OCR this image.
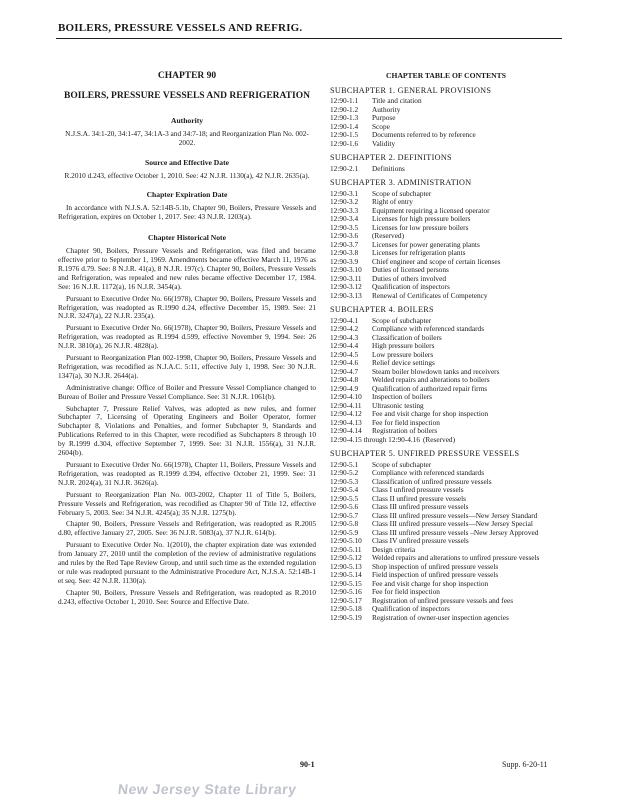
BOILERS, PRESSURE VESSELS AND REFRIG.
CHAPTER 90
BOILERS, PRESSURE VESSELS AND REFRIGERATION
Authority
N.J.S.A. 34:1-20, 34:1-47, 34:1A-3 and 34:7-18; and Reorganization Plan No. 002-2002.
Source and Effective Date
R.2010 d.243, effective October 1, 2010. See: 42 N.J.R. 1130(a), 42 N.J.R. 2635(a).
Chapter Expiration Date
In accordance with N.J.S.A. 52:14B-5.1b, Chapter 90, Boilers, Pressure Vessels and Refrigeration, expires on October 1, 2017. See: 43 N.J.R. 1203(a).
Chapter Historical Note
Chapter 90, Boilers, Pressure Vessels and Refrigeration, was filed and became effective prior to September 1, 1969. Amendments became effective March 11, 1976 as R.1976 d.79. See: 8 N.J.R. 41(a), 8 N.J.R. 197(c). Chapter 90, Boilers, Pressure Vessels and Refrigeration, was repealed and new rules became effective December 17, 1984. See: 16 N.J.R. 1172(a), 16 N.J.R. 3454(a).
Pursuant to Executive Order No. 66(1978), Chapter 90, Boilers, Pressure Vessels and Refrigeration, was readopted as R.1990 d.24, effective December 15, 1989. See: 21 N.J.R. 3247(a), 22 N.J.R. 235(a).
Pursuant to Executive Order No. 66(1978), Chapter 90, Boilers, Pressure Vessels and Refrigeration, was readopted as R.1994 d.599, effective November 9, 1994. See: 26 N.J.R. 3810(a), 26 N.J.R. 4828(a).
Pursuant to Reorganization Plan 002-1998, Chapter 90, Boilers, Pressure Vessels and Refrigeration, was recodified as N.J.A.C. 5:11, effective July 1, 1998. See: 30 N.J.R. 1347(a), 30 N.J.R. 2644(a).
Administrative change: Office of Boiler and Pressure Vessel Compliance changed to Bureau of Boiler and Pressure Vessel Compliance. See: 31 N.J.R. 1061(b).
Subchapter 7, Pressure Relief Valves, was adopted as new rules, and former Subchapter 7, Licensing of Operating Engineers and Boiler Operator, former Subchapter 8, Violations and Penalties, and former Subchapter 9, Standards and Publications Referred to in this Chapter, were recodified as Subchapters 8 through 10 by R.1999 d.304, effective September 7, 1999. See: 31 N.J.R. 1556(a), 31 N.J.R. 2604(b).
Pursuant to Executive Order No. 66(1978), Chapter 11, Boilers, Pressure Vessels and Refrigeration, was readopted as R.1999 d.394, effective October 21, 1999. See: 31 N.J.R. 2024(a), 31 N.J.R. 3626(a).
Pursuant to Reorganization Plan No. 003-2002, Chapter 11 of Title 5, Boilers, Pressure Vessels and Refrigeration, was recodified as Chapter 90 of Title 12, effective February 5, 2003. See: 34 N.J.R. 4245(a); 35 N.J.R. 1275(b).
Chapter 90, Boilers, Pressure Vessels and Refrigeration, was readopted as R.2005 d.80, effective January 27, 2005. See: 36 N.J.R. 5083(a), 37 N.J.R. 614(b).
Pursuant to Executive Order No. 1(2010), the chapter expiration date was extended from January 27, 2010 until the completion of the review of administrative regulations and rules by the Red Tape Review Group, and until such time as the extended regulation or rule was readopted pursuant to the Administrative Procedure Act, N.J.S.A. 52:14B-1 et seq. See: 42 N.J.R. 1130(a).
Chapter 90, Boilers, Pressure Vessels and Refrigeration, was readopted as R.2010 d.243, effective October 1, 2010. See: Source and Effective Date.
CHAPTER TABLE OF CONTENTS
SUBCHAPTER 1. GENERAL PROVISIONS
12:90-1.1	Title and citation
12:90-1.2	Authority
12:90-1.3	Purpose
12:90-1.4	Scope
12:90-1.5	Documents referred to by reference
12:90-1.6	Validity
SUBCHAPTER 2. DEFINITIONS
12:90-2.1	Definitions
SUBCHAPTER 3. ADMINISTRATION
12:90-3.1	Scope of subchapter
12:90-3.2	Right of entry
12:90-3.3	Equipment requiring a licensed operator
12:90-3.4	Licenses for high pressure boilers
12:90-3.5	Licenses for low pressure boilers
12:90-3.6	(Reserved)
12:90-3.7	Licenses for power generating plants
12:90-3.8	Licenses for refrigeration plants
12:90-3.9	Chief engineer and scope of certain licenses
12:90-3.10	Duties of licensed persons
12:90-3.11	Duties of others involved
12:90-3.12	Qualification of inspectors
12:90-3.13	Renewal of Certificates of Competency
SUBCHAPTER 4. BOILERS
12:90-4.1	Scope of subchapter
12:90-4.2	Compliance with referenced standards
12:90-4.3	Classification of boilers
12:90-4.4	High pressure boilers
12:90-4.5	Low pressure boilers
12:90-4.6	Relief device settings
12:90-4.7	Steam boiler blowdown tanks and receivers
12:90-4.8	Welded repairs and alterations to boilers
12:90-4.9	Qualification of authorized repair firms
12:90-4.10	Inspection of boilers
12:90-4.11	Ultrasonic testing
12:90-4.12	Fee and visit charge for shop inspection
12:90-4.13	Fee for field inspection
12:90-4.14	Registration of boilers
12:90-4.15 through 12:90-4.16 (Reserved)
SUBCHAPTER 5. UNFIRED PRESSURE VESSELS
12:90-5.1	Scope of subchapter
12:90-5.2	Compliance with referenced standards
12:90-5.3	Classification of unfired pressure vessels
12:90-5.4	Class I unfired pressure vessels
12:90-5.5	Class II unfired pressure vessels
12:90-5.6	Class III unfired pressure vessels
12:90-5.7	Class III unfired pressure vessels—New Jersey Standard
12:90-5.8	Class III unfired pressure vessels—New Jersey Special
12:90-5.9	Class III unfired pressure vessels –New Jersey Approved
12:90-5.10	Class IV unfired pressure vessels
12:90-5.11	Design criteria
12:90-5.12	Welded repairs and alterations to unfired pressure vessels
12:90-5.13	Shop inspection of unfired pressure vessels
12:90-5.14	Field inspection of unfired pressure vessels
12:90-5.15	Fee and visit charge for shop inspection
12:90-5.16	Fee for field inspection
12:90-5.17	Registration of unfired pressure vessels and fees
12:90-5.18	Qualification of inspectors
12:90-5.19	Registration of owner-user inspection agencies
90-1	Supp. 6-20-11
New Jersey State Library
